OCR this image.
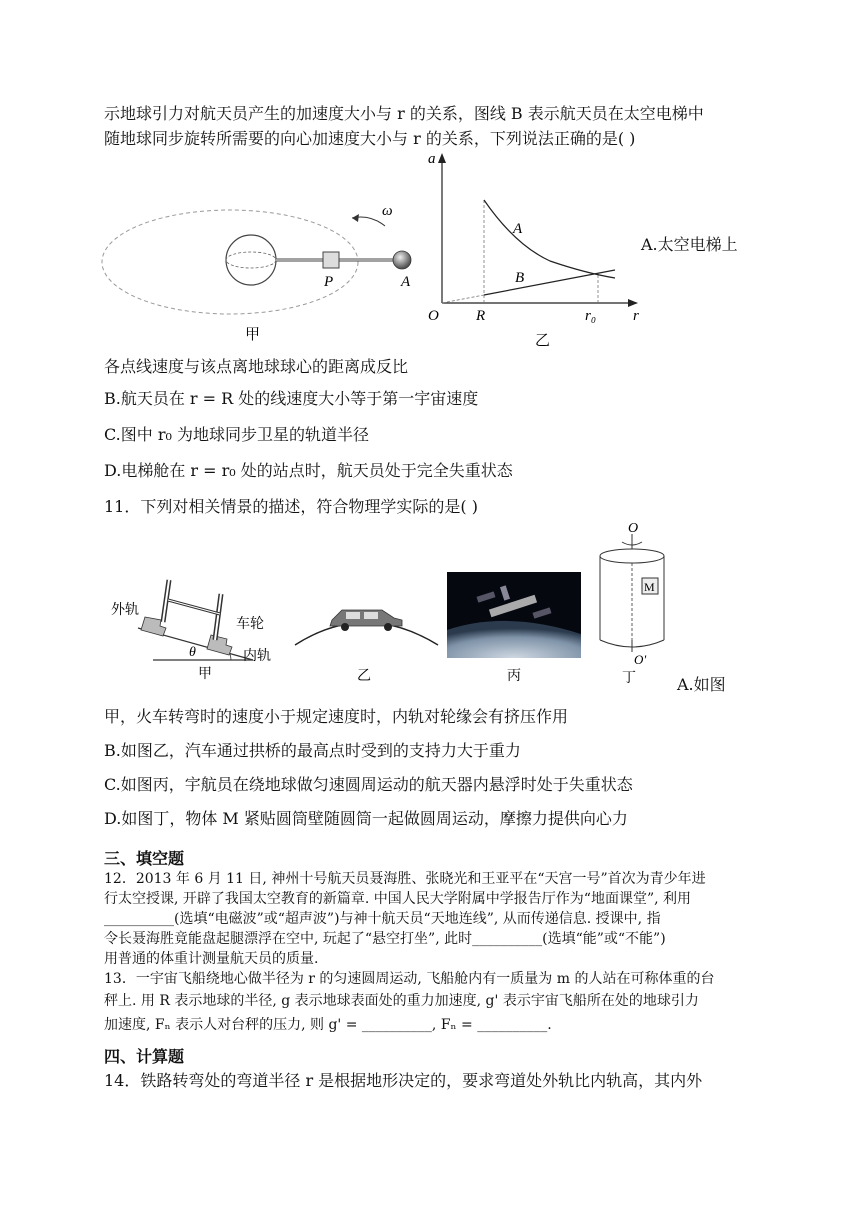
示地球引力对航天员产生的加速度大小与 r 的关系，图线 B 表示航天员在太空电梯中
随地球同步旋转所需要的向心加速度大小与 r 的关系，下列说法正确的是( )
ω
P	A
甲
a
r
O
A
B
R	r₀
乙
A.太空电梯上
各点线速度与该点离地球球心的距离成反比
B.航天员在 r = R 处的线速度大小等于第一宇宙速度
C.图中 r₀ 为地球同步卫星的轨道半径
D.电梯舱在 r = r₀ 处的站点时，航天员处于完全失重状态
11．下列对相关情景的描述，符合物理学实际的是( )
外轨
车轮
内轨
θ
甲	乙	丙
O
M
O'
丁	A.如图
甲，火车转弯时的速度小于规定速度时，内轨对轮缘会有挤压作用
B.如图乙，汽车通过拱桥的最高点时受到的支持力大于重力
C.如图丙，宇航员在绕地球做匀速圆周运动的航天器内悬浮时处于失重状态
D.如图丁，物体 M 紧贴圆筒壁随圆筒一起做圆周运动，摩擦力提供向心力
三、填空题
12．2013 年 6 月 11 日, 神州十号航天员聂海胜、张晓光和王亚平在“天宫一号”首次为青少年进
行太空授课, 开辟了我国太空教育的新篇章. 中国人民大学附属中学报告厅作为“地面课堂”, 利用
__________(选填“电磁波”或“超声波”)与神十航天员“天地连线”, 从而传递信息. 授课中, 指
令长聂海胜竟能盘起腿漂浮在空中, 玩起了“悬空打坐”, 此时__________(选填“能”或“不能”)
用普通的体重计测量航天员的质量.
13．一宇宙飞船绕地心做半径为 r 的匀速圆周运动, 飞船舱内有一质量为 m 的人站在可称体重的台
秤上. 用 R 表示地球的半径, g 表示地球表面处的重力加速度, g' 表示宇宙飞船所在处的地球引力
加速度, Fₙ 表示人对台秤的压力, 则 g' = __________, Fₙ = __________.
四、计算题
14．铁路转弯处的弯道半径 r 是根据地形决定的，要求弯道处外轨比内轨高，其内外
